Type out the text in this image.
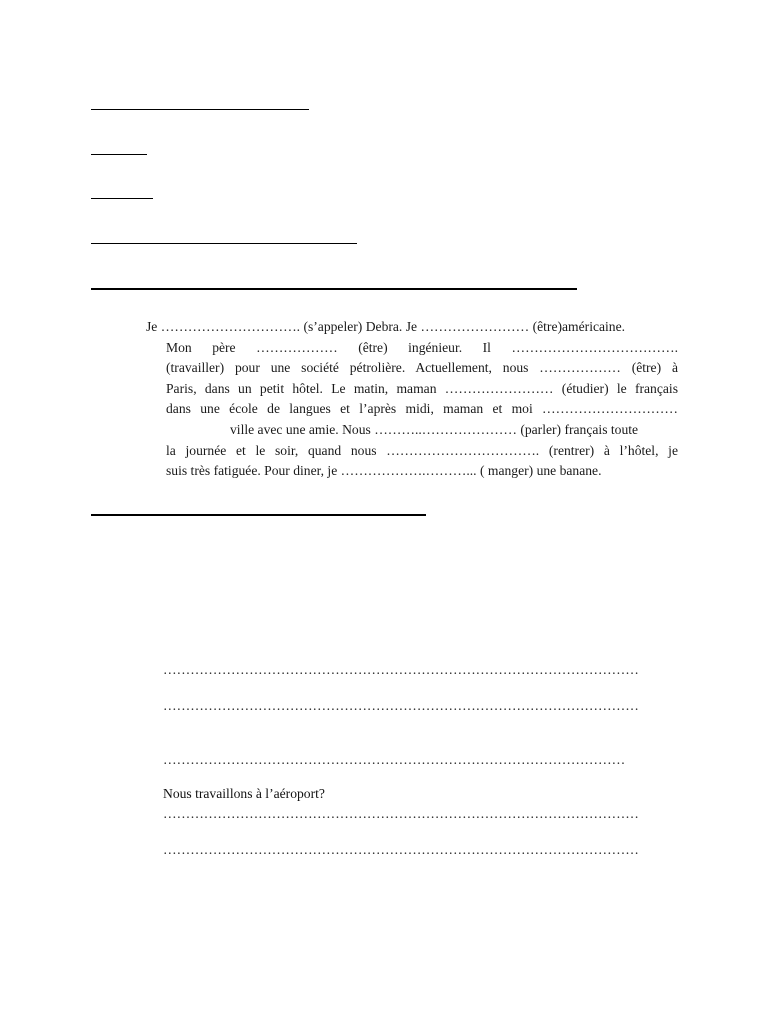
Je …………………………. (s’appeler) Debra. Je …………………… (être)américaine.
Mon père ……………… (être) ingénieur. Il ……………………………….
(travailler) pour une société pétrolière. Actuellement, nous ……………… (être) à
Paris, dans un petit hôtel. Le matin, maman …………………… (étudier) le français
dans une école de langues et l’après midi, maman et moi …………………………
ville avec une amie. Nous ………..………………… (parler) français toute
la journée et le soir, quand nous ……………………………. (rentrer) à l’hôtel, je
suis très fatiguée. Pour diner, je ……………….………... ( manger) une banane.
……………………………………………………………………………………………
……………………………………………………………………………………………
…………………………………………………………………………………………
Nous travaillons à l’aéroport?
……………………………………………………………………………………………
……………………………………………………………………………………………
